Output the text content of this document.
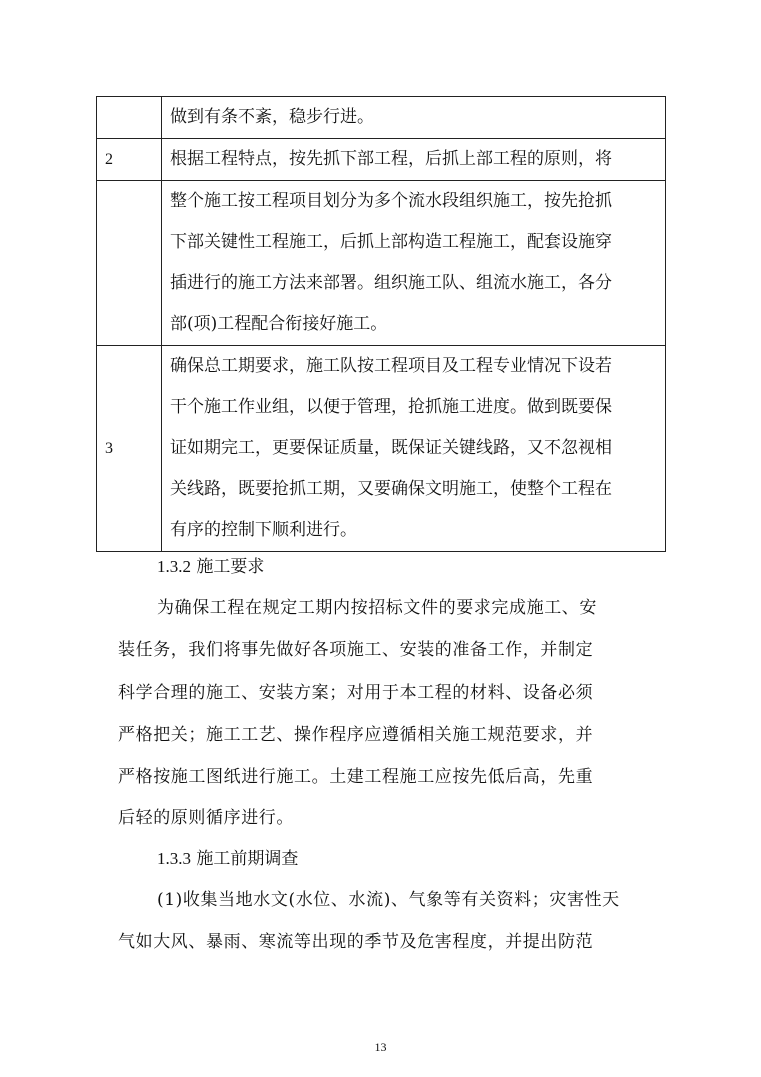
	做到有条不紊，稳步行进。

2	根据工程特点，按先抓下部工程，后抓上部工程的原则，将

	整个施工按工程项目划分为多个流水段组织施工，按先抢抓
下部关键性工程施工，后抓上部构造工程施工，配套设施穿
插进行的施工方法来部署。组织施工队、组流水施工，各分
部(项)工程配合衔接好施工。

3	确保总工期要求，施工队按工程项目及工程专业情况下设若
干个施工作业组，以便于管理，抢抓施工进度。做到既要保
证如期完工，更要保证质量，既保证关键线路，又不忽视相
关线路，既要抢抓工期，又要确保文明施工，使整个工程在
有序的控制下顺利进行。
1.3.2 施工要求
为确保工程在规定工期内按招标文件的要求完成施工、安
装任务，我们将事先做好各项施工、安装的准备工作，并制定
科学合理的施工、安装方案；对用于本工程的材料、设备必须
严格把关；施工工艺、操作程序应遵循相关施工规范要求，并
严格按施工图纸进行施工。土建工程施工应按先低后高，先重
后轻的原则循序进行。
1.3.3 施工前期调查
(1)收集当地水文(水位、水流)、气象等有关资料；灾害性天
气如大风、暴雨、寒流等出现的季节及危害程度，并提出防范
13
